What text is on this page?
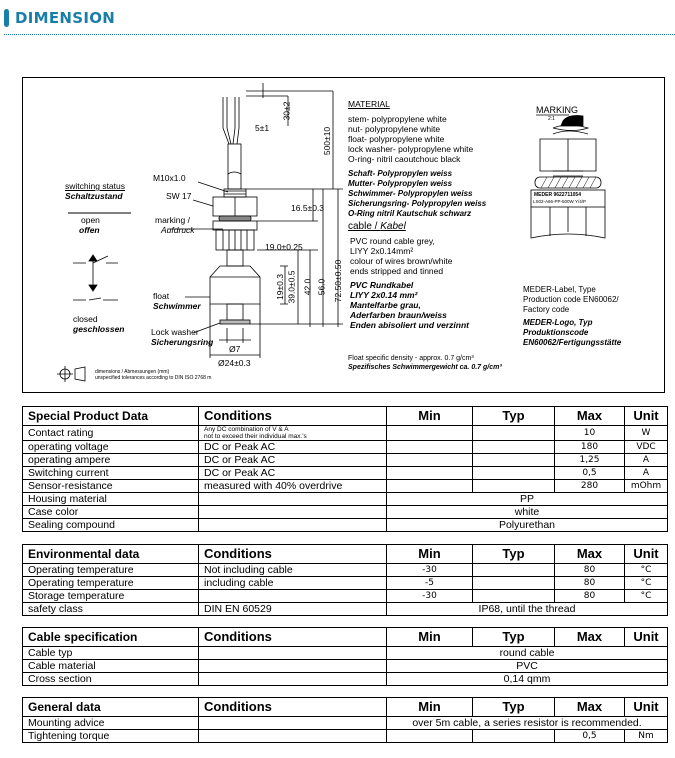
DIMENSION
switching status
Schaltzustand
open
offen
closed
geschlossen
M10x1.0
SW 17
marking /
Aufdruck
float
Schwimmer
Lock washer
Sicherungsring
5±1
30±2
500±10
16.5±0.3
19.0±0.25
19±0.3 39.0±0.5 42.0 56.0 72.50±0.50
Ø7
Ø24±0.3
dimensions / Abmessungen (mm)
unspecified tolerances according to DIN ISO 2768 m
MATERIAL
stem- polypropylene white
nut- polypropylene white
float- polypropylene white
lock washer- polypropylene white
O-ring- nitril caoutchouc black
Schaft- Polypropylen weiss
Mutter- Polypropylen weiss
Schwimmer- Polypropylen weiss
Sicherungsring- Polypropylen weiss
O-Ring nitril Kautschuk schwarz
cable / Kabel
PVC round cable grey,
LIYY 2x0.14mm²
colour of wires brown/white
ends stripped and tinned
PVC Rundkabel
LIYY 2x0.14 mm²
Mantelfarbe grau,
Aderfarben braun/weiss
Enden abisoliert und verzinnt
Float specific density - approx. 0.7 g/cm³
Spezifisches Schwimmergewicht ca. 0.7 g/cm³
MARKING
2:1
MEDER 9622711054
LS02-A66-PP-500W Y/4/P
MEDER-Label, Type
Production code EN60062/
Factory code
MEDER-Logo, Typ
Produktionscode
EN60062/Fertigungsstätte
Special Product Data	Conditions	Min	Typ	Max	Unit
Contact rating	Any DC combination of V & A
not to exceed their individual max.'s			10	W
operating voltage	DC or Peak AC			180	VDC
operating ampere	DC or Peak AC			1,25	A
Switching current	DC or Peak AC			0,5	A
Sensor-resistance	measured with 40% overdrive			280	mOhm
Housing material		PP			
Case color		white			
Sealing compound		Polyurethan			
Environmental data	Conditions	Min	Typ	Max	Unit
Operating temperature	Not including cable	-30		80	°C
Operating temperature	including cable	-5		80	°C
Storage temperature		-30		80	°C
safety class	DIN EN 60529	IP68, until the thread			
Cable specification	Conditions	Min	Typ	Max	Unit
Cable typ		round cable			
Cable material		PVC			
Cross section		0,14 qmm			
General data	Conditions	Min	Typ	Max	Unit
Mounting advice		over 5m cable, a series resistor is recommended.			
Tightening torque				0,5	Nm
